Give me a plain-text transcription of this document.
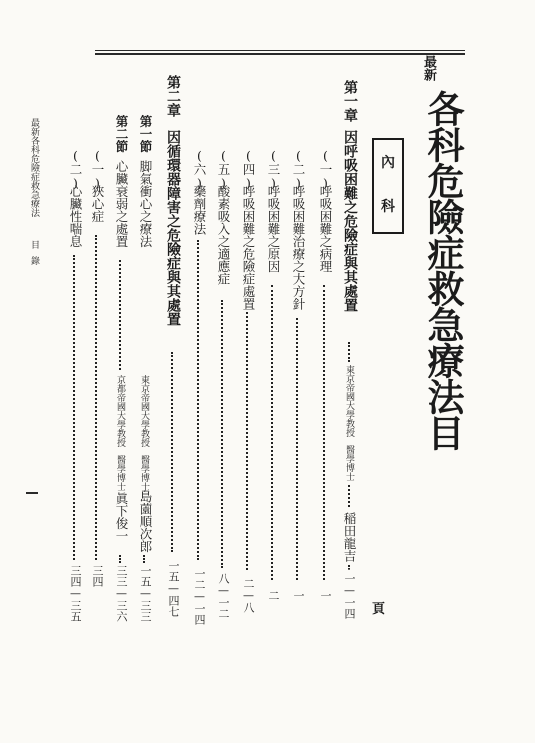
最新
各科危險症救急療法目
內
科
第一章
因呼吸困難之危險症與其處置
東京帝國大學教授
醫學博士
稲田龍吉
一—一四
(一)
呼吸困難之病理
一
(二)
呼吸困難治療之大方針
一
(三)
呼吸困難之原因
二
(四)
呼吸困難之危險症處置
二—八
(五)
酸素吸入之適應症
八—一二
(六)
藥劑療法
一二—一四
第二章
因循環器障害之危險症與其處置
一五—四七
第一節
脚氣衝心之療法
東京帝國大學教授
醫學博士
島薗順次郎
一五—三三
第二節
心臟衰弱之處置
京都帝國大學教授
醫學博士
眞下俊一
三三—三六
(一)
狹心症
三四
(二)
心臟性喘息
三四—三五	頁
最新各科危險症救急療法
目
錄
